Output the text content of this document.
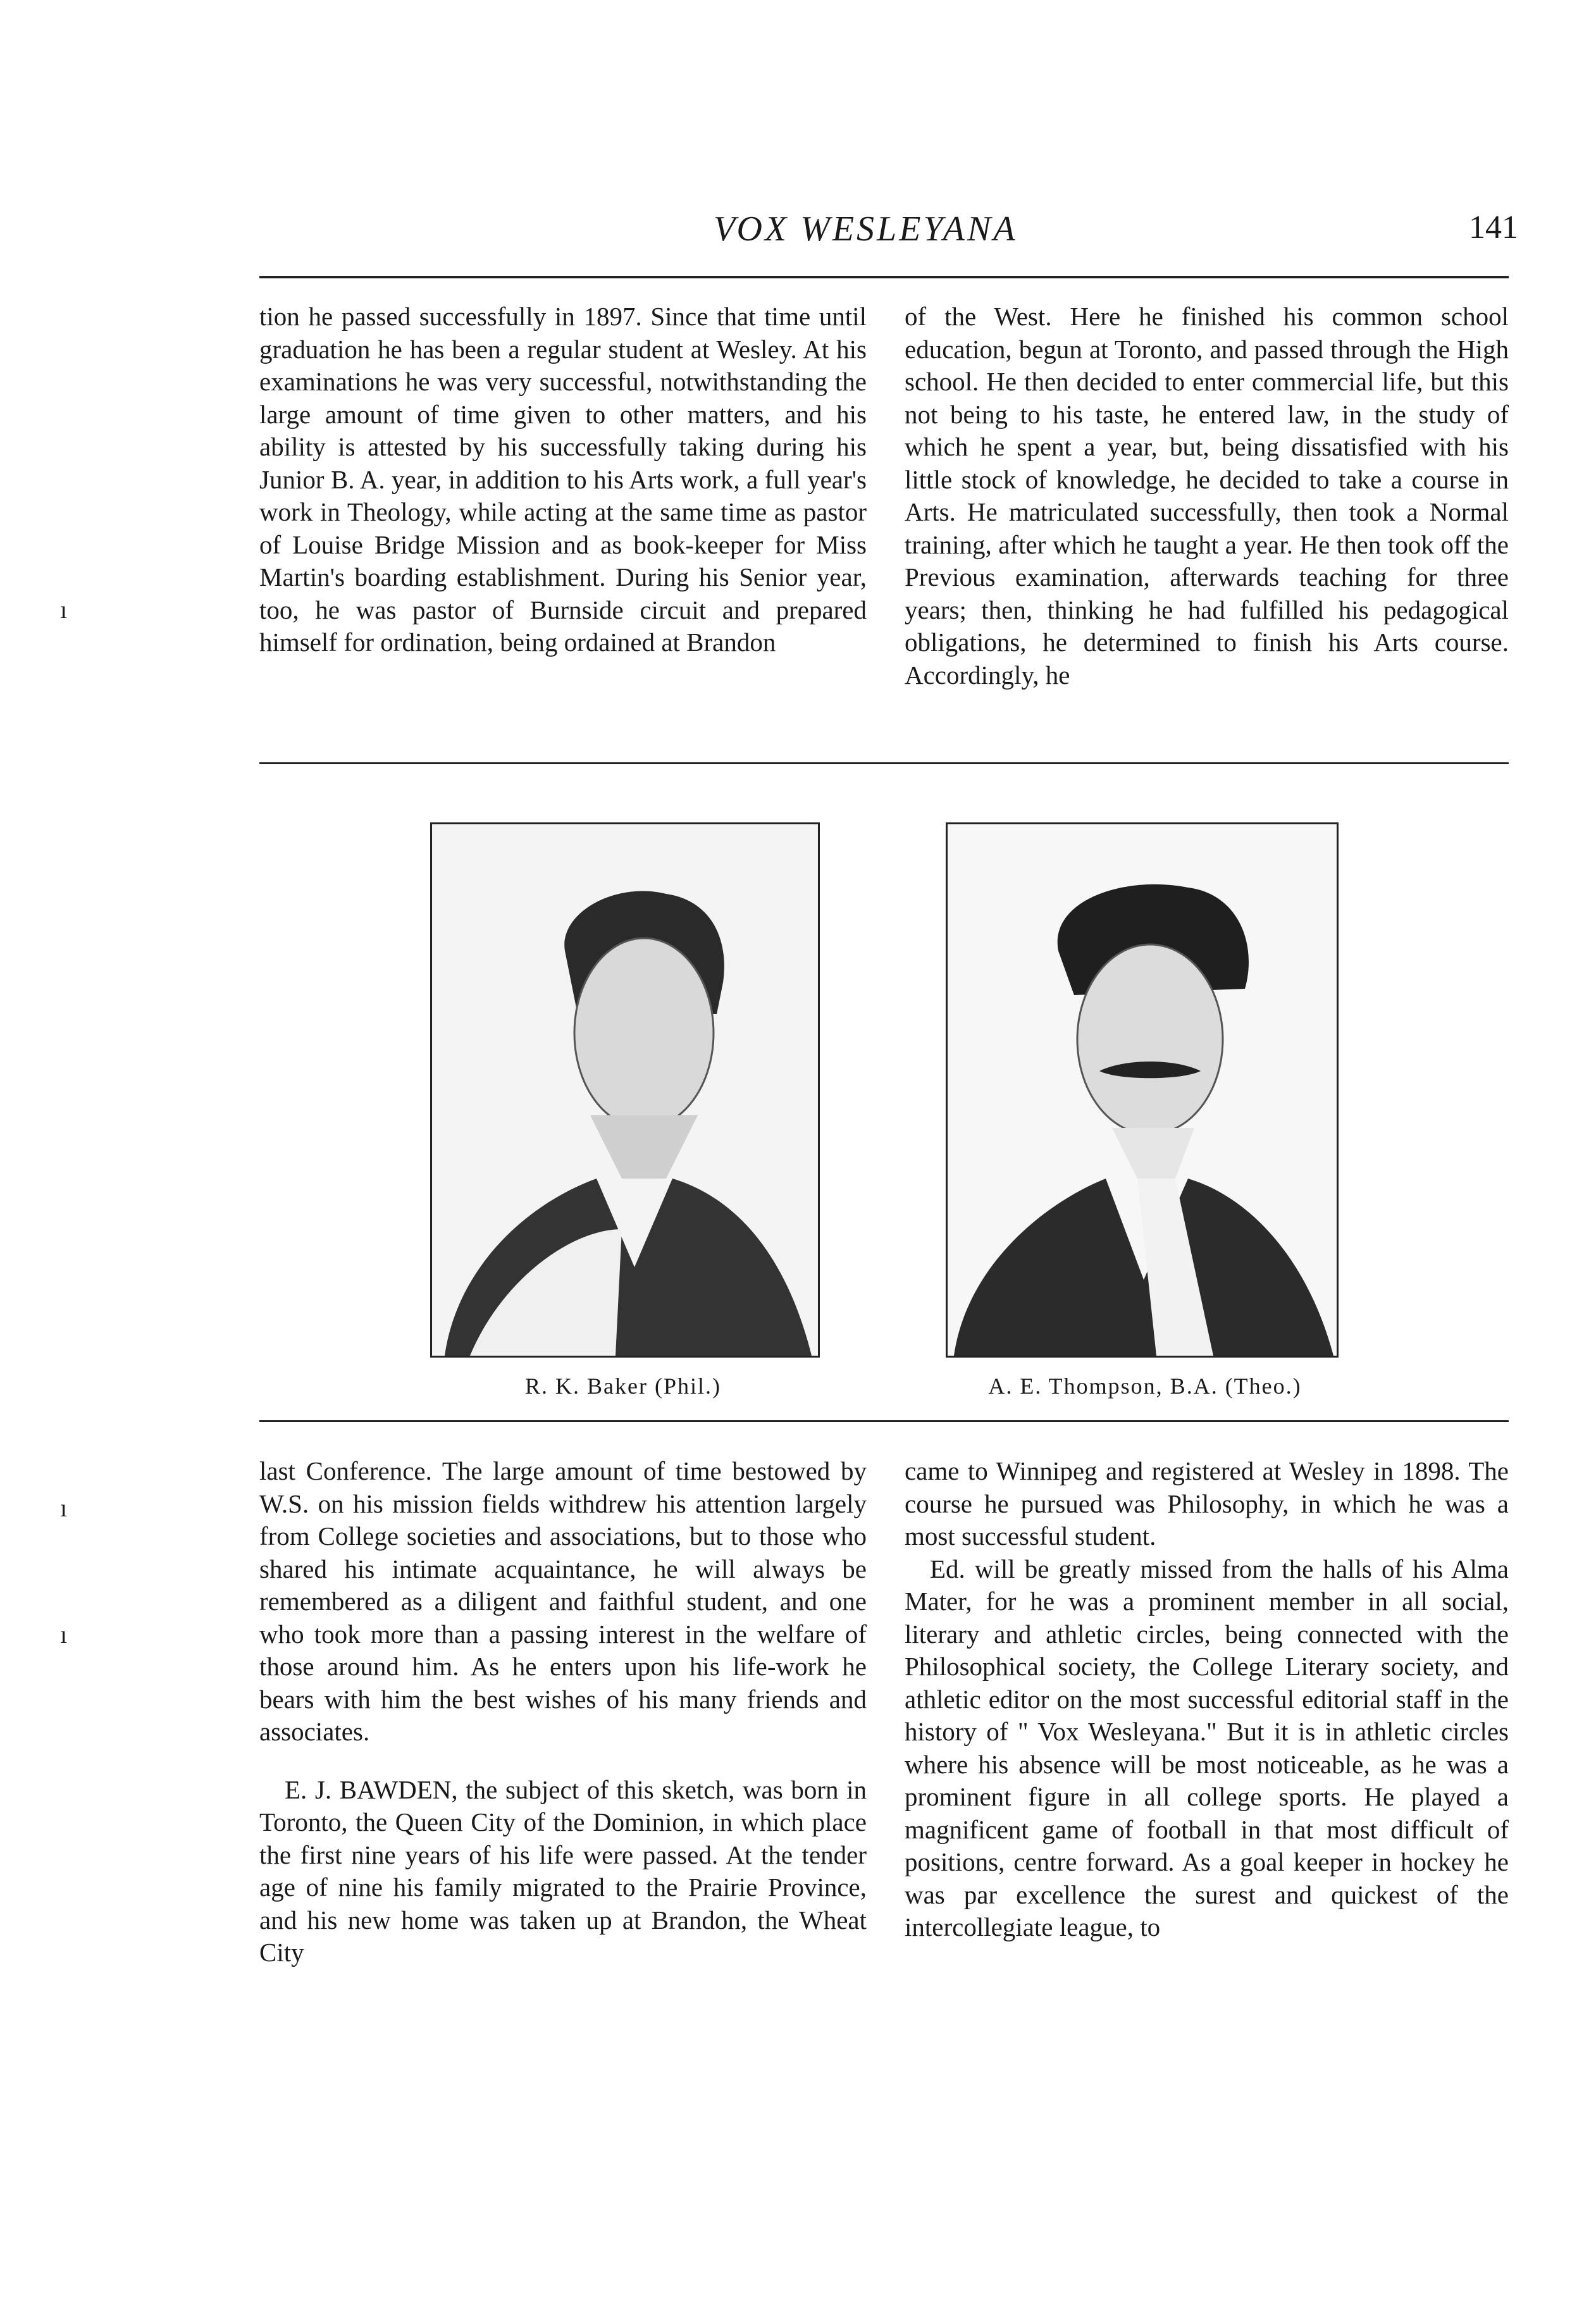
VOX WESLEYANA	141

tion he passed successfully in 1897. Since that time until graduation he has been a regular student at Wesley. At his examinations he was very successful, notwithstanding the large amount of time given to other matters, and his ability is attested by his successfully taking during his Junior B. A. year, in addition to his Arts work, a full year's work in Theology, while acting at the same time as pastor of Louise Bridge Mission and as book-keeper for Miss Martin's boarding establishment. During his Senior year, too, he was pastor of Burnside circuit and prepared himself for ordination, being ordained at Brandon

of the West. Here he finished his common school education, begun at Toronto, and passed through the High school. He then decided to enter commercial life, but this not being to his taste, he entered law, in the study of which he spent a year, but, being dissatisfied with his little stock of knowledge, he decided to take a course in Arts. He matriculated successfully, then took a Normal training, after which he taught a year. He then took off the Previous examination, afterwards teaching for three years; then, thinking he had fulfilled his pedagogical obligations, he determined to finish his Arts course. Accordingly, he

R. K. Baker (Phil.)	A. E. Thompson, B.A. (Theo.)
ı
ı
ı

last Conference. The large amount of time bestowed by W.S. on his mission fields withdrew his attention largely from College societies and associations, but to those who shared his intimate acquaintance, he will always be remembered as a diligent and faithful student, and one who took more than a passing interest in the welfare of those around him. As he enters upon his life-work he bears with him the best wishes of his many friends and associates.

E. J. BAWDEN, the subject of this sketch, was born in Toronto, the Queen City of the Dominion, in which place the first nine years of his life were passed. At the tender age of nine his family migrated to the Prairie Province, and his new home was taken up at Brandon, the Wheat City

came to Winnipeg and registered at Wesley in 1898. The course he pursued was Philosophy, in which he was a most successful student.

Ed. will be greatly missed from the halls of his Alma Mater, for he was a prominent member in all social, literary and athletic circles, being connected with the Philosophical society, the College Literary society, and athletic editor on the most successful editorial staff in the history of " Vox Wesleyana." But it is in athletic circles where his absence will be most noticeable, as he was a prominent figure in all college sports. He played a magnificent game of football in that most difficult of positions, centre forward. As a goal keeper in hockey he was par excellence the surest and quickest of the intercollegiate league, to
